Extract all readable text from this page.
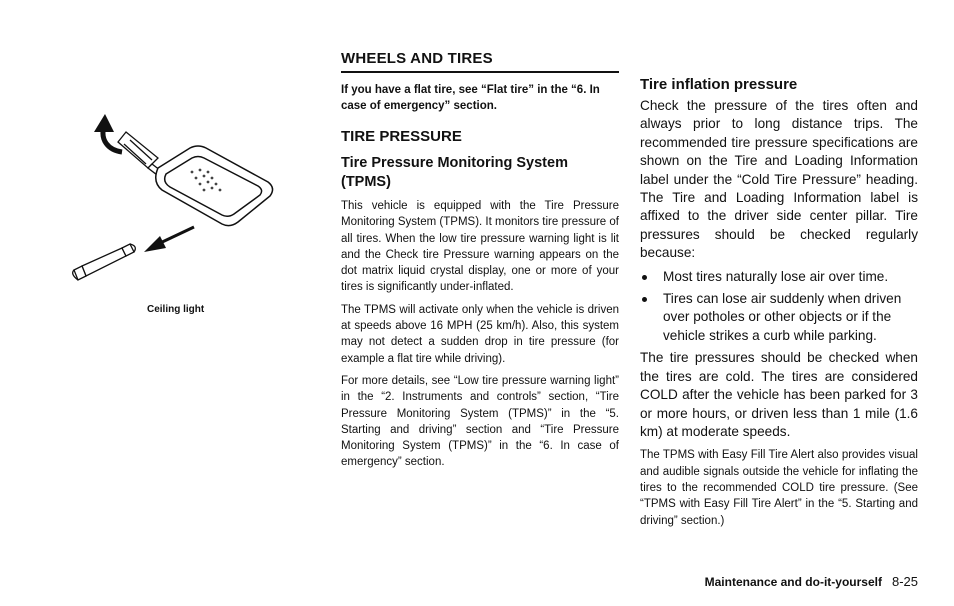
Ceiling light
WHEELS AND TIRES
If you have a flat tire, see “Flat tire” in the “6. In case of emergency” section.
TIRE PRESSURE
Tire Pressure Monitoring System (TPMS)

This vehicle is equipped with the Tire Pressure Monitoring System (TPMS). It monitors tire pressure of all tires. When the low tire pressure warning light is lit and the Check tire Pressure warning appears on the dot matrix liquid crystal display, one or more of your tires is significantly under-inflated.

The TPMS will activate only when the vehicle is driven at speeds above 16 MPH (25 km/h). Also, this system may not detect a sudden drop in tire pressure (for example a flat tire while driving).

For more details, see “Low tire pressure warning light” in the “2. Instruments and controls” section, “Tire Pressure Monitoring System (TPMS)” in the “5. Starting and driving” section and “Tire Pressure Monitoring System (TPMS)” in the “6. In case of emergency” section.

Tire inflation pressure

Check the pressure of the tires often and always prior to long distance trips. The recommended tire pressure specifications are shown on the Tire and Loading Information label under the “Cold Tire Pressure” heading. The Tire and Loading Information label is affixed to the driver side center pillar. Tire pressures should be checked regularly because:

Most tires naturally lose air over time.
Tires can lose air suddenly when driven over potholes or other objects or if the vehicle strikes a curb while parking.

The tire pressures should be checked when the tires are cold. The tires are considered COLD after the vehicle has been parked for 3 or more hours, or driven less than 1 mile (1.6 km) at moderate speeds.

The TPMS with Easy Fill Tire Alert also provides visual and audible signals outside the vehicle for inflating the tires to the recommended COLD tire pressure. (See “TPMS with Easy Fill Tire Alert” in the “5. Starting and driving” section.)

Maintenance and do-it-yourself 8-25
